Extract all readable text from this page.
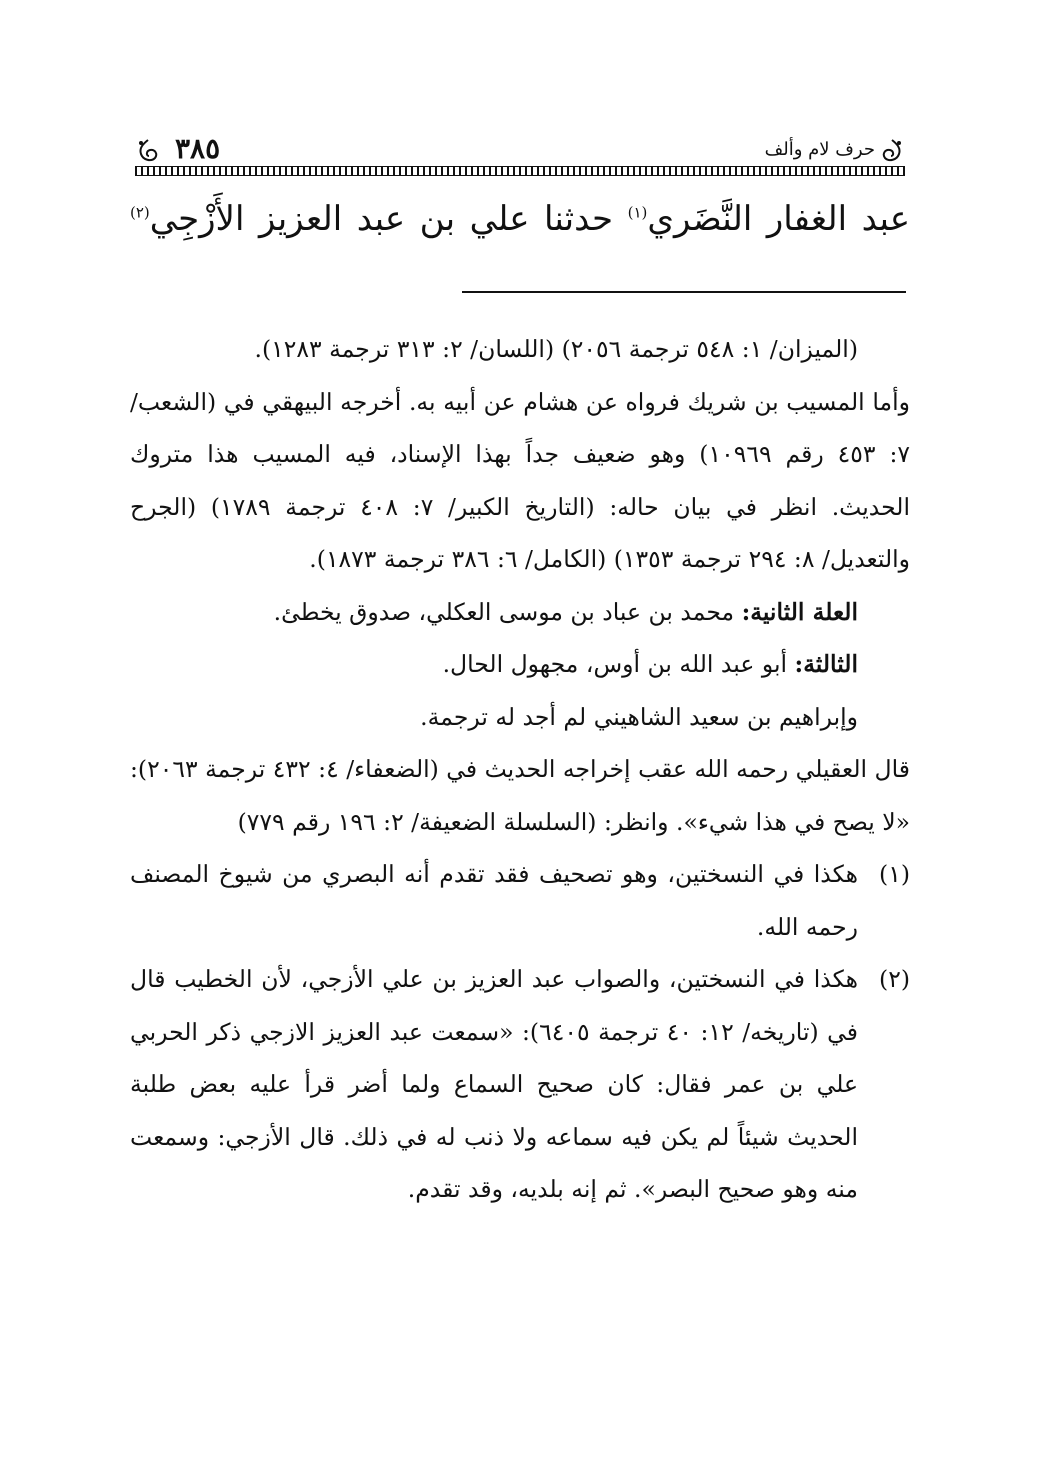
حرف لام وألف
٣٨٥
عبد الغفار النَّضَري$^{(١)}$ حدثنا علي بن عبد العزيز الأَزْجِي$^{(٢)}$

(الميزان/ ١: ٥٤٨ ترجمة ٢٠٥٦) (اللسان/ ٢: ٣١٣ ترجمة ١٢٨٣).

وأما المسيب بن شريك فرواه عن هشام عن أبيه به. أخرجه البيهقي في (الشعب/ ٧: ٤٥٣ رقم ١٠٩٦٩) وهو ضعيف جداً بهذا الإسناد، فيه المسيب هذا متروك الحديث. انظر في بيان حاله: (التاريخ الكبير/ ٧: ٤٠٨ ترجمة ١٧٨٩) (الجرح والتعديل/ ٨: ٢٩٤ ترجمة ١٣٥٣) (الكامل/ ٦: ٣٨٦ ترجمة ١٨٧٣).

العلة الثانية: محمد بن عباد بن موسى العكلي، صدوق يخطئ.

الثالثة: أبو عبد الله بن أوس، مجهول الحال.

وإبراهيم بن سعيد الشاهيني لم أجد له ترجمة.

قال العقيلي رحمه الله عقب إخراجه الحديث في (الضعفاء/ ٤: ٤٣٢ ترجمة ٢٠٦٣): «لا يصح في هذا شيء». وانظر: (السلسلة الضعيفة/ ٢: ١٩٦ رقم ٧٧٩)

(١)
هكذا في النسختين، وهو تصحيف فقد تقدم أنه البصري من شيوخ المصنف رحمه الله.

(٢)
هكذا في النسختين، والصواب عبد العزيز بن علي الأزجي، لأن الخطيب قال في (تاريخه/ ١٢: ٤٠ ترجمة ٦٤٠٥): «سمعت عبد العزيز الازجي ذكر الحربي علي بن عمر فقال: كان صحيح السماع ولما أضر قرأ عليه بعض طلبة الحديث شيئاً لم يكن فيه سماعه ولا ذنب له في ذلك. قال الأزجي: وسمعت منه وهو صحيح البصر». ثم إنه بلديه، وقد تقدم.
